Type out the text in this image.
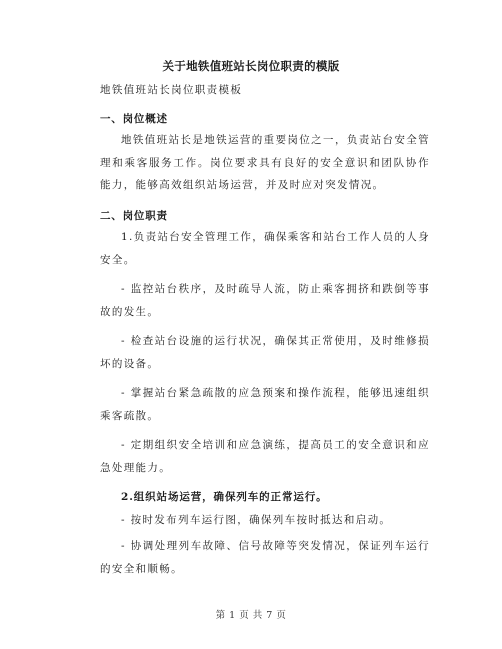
关于地铁值班站长岗位职责的模版

地铁值班站长岗位职责模板

一、岗位概述

地铁值班站长是地铁运营的重要岗位之一，负责站台安全管理和乘客服务工作。岗位要求具有良好的安全意识和团队协作能力，能够高效组织站场运营，并及时应对突发情况。

二、岗位职责

1.负责站台安全管理工作，确保乘客和站台工作人员的人身安全。

- 监控站台秩序，及时疏导人流，防止乘客拥挤和跌倒等事故的发生。

- 检查站台设施的运行状况，确保其正常使用，及时维修损坏的设备。

- 掌握站台紧急疏散的应急预案和操作流程，能够迅速组织乘客疏散。

- 定期组织安全培训和应急演练，提高员工的安全意识和应急处理能力。

2.组织站场运营，确保列车的正常运行。

- 按时发布列车运行图，确保列车按时抵达和启动。

- 协调处理列车故障、信号故障等突发情况，保证列车运行的安全和顺畅。

第 1 页 共 7 页
